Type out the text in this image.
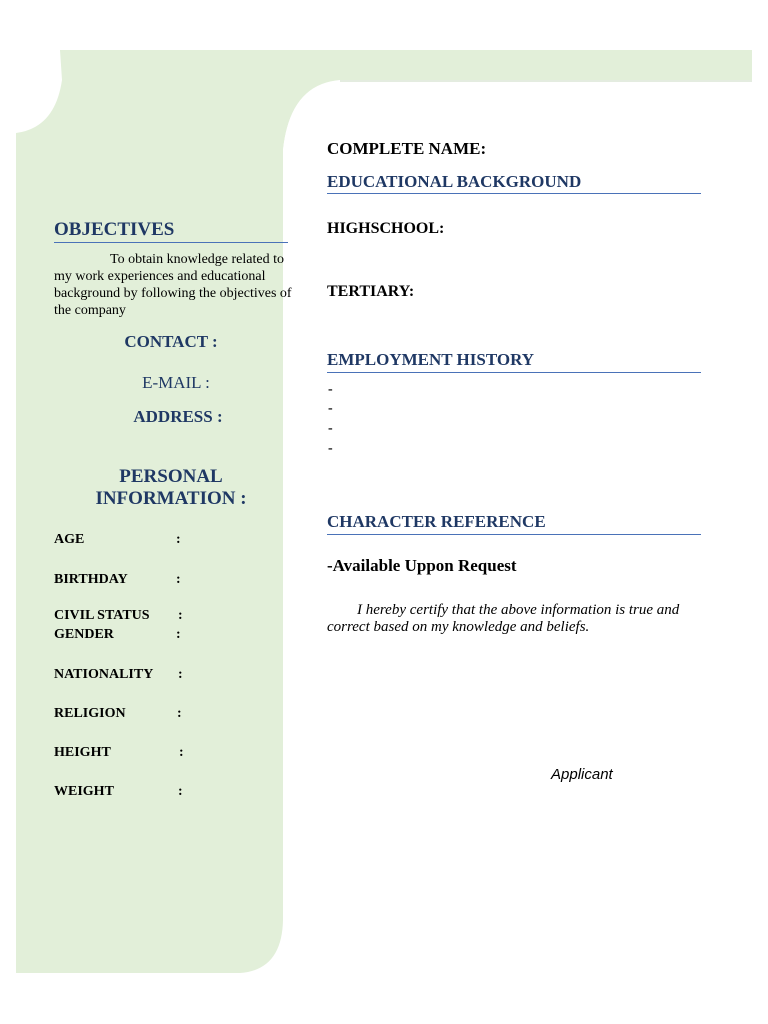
OBJECTIVES
To obtain knowledge related to my work experiences and educational background by following the objectives of the company
CONTACT :
E-MAIL :
ADDRESS :
PERSONAL
INFORMATION :
AGE	:
BIRTHDAY	:
CIVIL STATUS :
GENDER	:
NATIONALITY :
RELIGION	:
HEIGHT	:
WEIGHT	:
COMPLETE NAME:
EDUCATIONAL BACKGROUND
HIGHSCHOOL:
TERTIARY:
EMPLOYMENT HISTORY
-
-
-
-
CHARACTER REFERENCE
-Available Uppon Request
I hereby certify that the above information is true and correct based on my knowledge and beliefs.
Applicant
